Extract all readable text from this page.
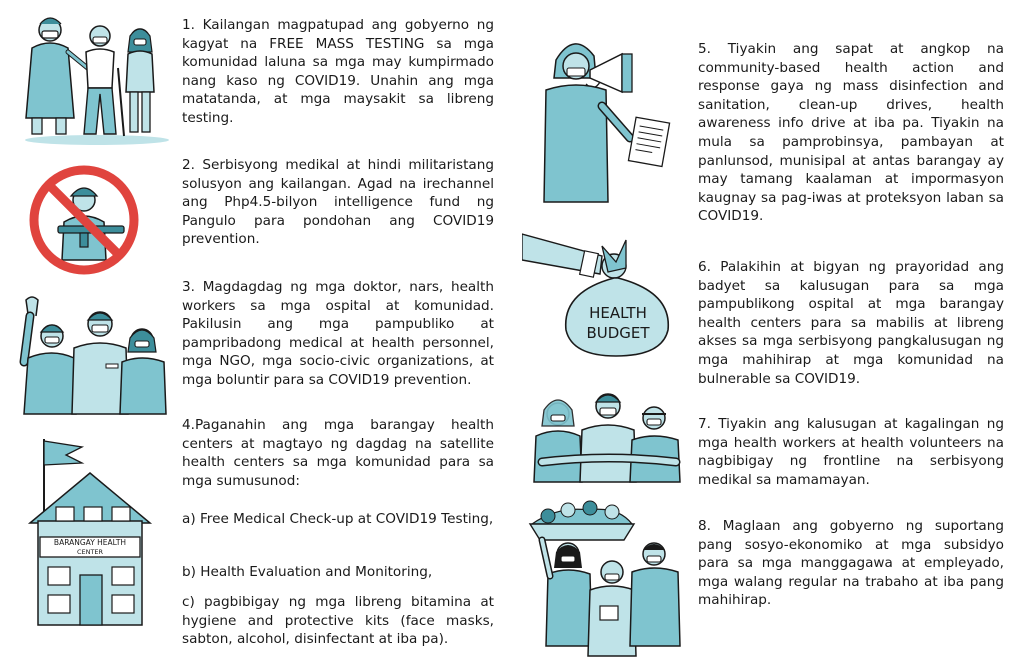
BARANGAY HEALTH
CENTER

1. Kailangan magpatupad ang gobyerno ng kagyat na FREE MASS TESTING sa mga komunidad laluna sa mga may kumpirmado nang kaso ng COVID19. Unahin ang mga matatanda, at mga maysakit sa libreng testing.

2. Serbisyong medikal at hindi militaristang solusyon ang kailangan. Agad na irechannel ang Php4.5-bilyon intelligence fund ng Pangulo para pondohan ang COVID19 prevention.

3. Magdagdag ng mga doktor, nars, health workers sa mga ospital at komunidad. Pakilusin ang mga pampubliko at pampribadong medical at health personnel, mga NGO, mga socio-civic organizations, at mga boluntir para sa COVID19 prevention.

4.Paganahin ang mga barangay health centers at magtayo ng dagdag na satellite health centers sa mga komunidad para sa mga sumusunod:

a) Free Medical Check-up at COVID19 Testing,

b) Health Evaluation and Monitoring,

c) pagbibigay ng mga libreng bitamina at hygiene and protective kits (face masks, sabton, alcohol, disinfectant at iba pa).

HEALTH
BUDGET

5. Tiyakin ang sapat at angkop na community-based health action and response gaya ng mass disinfection and sanitation, clean-up drives, health awareness info drive at iba pa. Tiyakin na mula sa pamprobinsya, pambayan at panlunsod, munisipal at antas barangay ay may tamang kaalaman at impormasyon kaugnay sa pag-iwas at proteksyon laban sa COVID19.

6. Palakihin at bigyan ng prayoridad ang badyet sa kalusugan para sa mga pampublikong ospital at mga barangay health centers para sa mabilis at libreng akses sa mga serbisyong pangkalusugan ng mga mahihirap at mga komunidad na bulnerable sa COVID19.

7. Tiyakin ang kalusugan at kagalingan ng mga health workers at health volunteers na nagbibigay ng frontline na serbisyong medikal sa mamamayan.

8. Maglaan ang gobyerno ng suportang pang sosyo-ekonomiko at mga subsidyo para sa mga manggagawa at empleyado, mga walang regular na trabaho at iba pang mahihirap.
